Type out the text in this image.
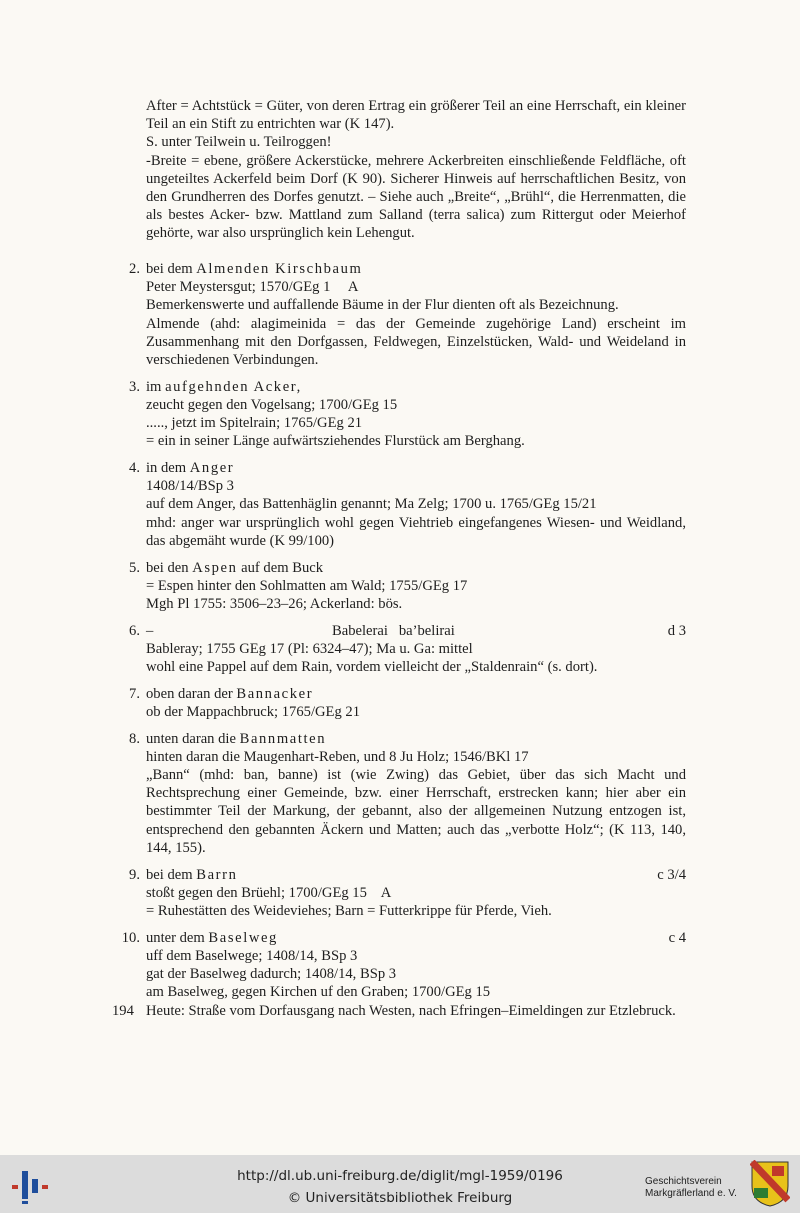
After = Achtstück = Güter, von deren Ertrag ein größerer Teil an eine Herrschaft, ein kleiner Teil an ein Stift zu entrichten war (K 147).

S. unter Teilwein u. Teilroggen!

-Breite = ebene, größere Ackerstücke, mehrere Ackerbreiten einschließende Feldfläche, oft ungeteiltes Ackerfeld beim Dorf (K 90). Sicherer Hinweis auf herrschaftlichen Besitz, von den Grundherren des Dorfes genutzt. – Siehe auch „Breite“, „Brühl“, die Herrenmatten, die als bestes Acker- bzw. Mattland zum Salland (terra salica) zum Rittergut oder Meierhof gehörte, war also ursprünglich kein Lehengut.

2. bei dem Almenden Kirschbaum

Peter Meystersgut; 1570/GEg 1     A

Bemerkenswerte und auffallende Bäume in der Flur dienten oft als Bezeichnung.

Almende (ahd: alagimeinida = das der Gemeinde zugehörige Land) erscheint im Zusammenhang mit den Dorfgassen, Feldwegen, Einzelstücken, Wald- und Weideland in verschiedenen Verbindungen.

3. im aufgehnden Acker,

zeucht gegen den Vogelsang; 1700/GEg 15

....., jetzt im Spitelrain; 1765/GEg 21

= ein in seiner Länge aufwärtsziehendes Flurstück am Berghang.

4. in dem Anger

1408/14/BSp 3

auf dem Anger, das Battenhäglin genannt; Ma Zelg; 1700 u. 1765/GEg 15/21

mhd: anger war ursprünglich wohl gegen Viehtrieb eingefangenes Wiesen- und Weidland, das abgemäht wurde (K 99/100)

5. bei den Aspen auf dem Buck

= Espen hinter den Sohlmatten am Wald; 1755/GEg 17

Mgh Pl 1755: 3506–23–26; Ackerland: bös.

6. –	Babelerai   ba’belirai	d 3

Bableray; 1755 GEg 17 (Pl: 6324–47); Ma u. Ga: mittel

wohl eine Pappel auf dem Rain, vordem vielleicht der „Staldenrain“ (s. dort).

7. oben daran der Bannacker

ob der Mappachbruck; 1765/GEg 21

8. unten daran die Bannmatten

hinten daran die Maugenhart-Reben, und 8 Ju Holz; 1546/BKl 17

„Bann“ (mhd: ban, banne) ist (wie Zwing) das Gebiet, über das sich Macht und Rechtsprechung einer Gemeinde, bzw. einer Herrschaft, erstrecken kann; hier aber ein bestimmter Teil der Markung, der gebannt, also der allgemeinen Nutzung entzogen ist, entsprechend den gebannten Äckern und Matten; auch das „verbotte Holz“; (K 113, 140, 144, 155).

9. bei dem Barrn	c 3/4

stoßt gegen den Brüehl; 1700/GEg 15    A

= Ruhestätten des Weideviehes; Barn = Futterkrippe für Pferde, Vieh.

10. unter dem Baselweg	c 4

uff dem Baselwege; 1408/14, BSp 3

gat der Baselweg dadurch; 1408/14, BSp 3

am Baselweg, gegen Kirchen uf den Graben; 1700/GEg 15

Heute: Straße vom Dorfausgang nach Westen, nach Efringen–Eimeldingen zur Etzlebruck.

194
http://dl.ub.uni-freiburg.de/diglit/mgl-1959/0196
© Universitätsbibliothek Freiburg
Geschichtsverein
Markgräflerland e. V.
